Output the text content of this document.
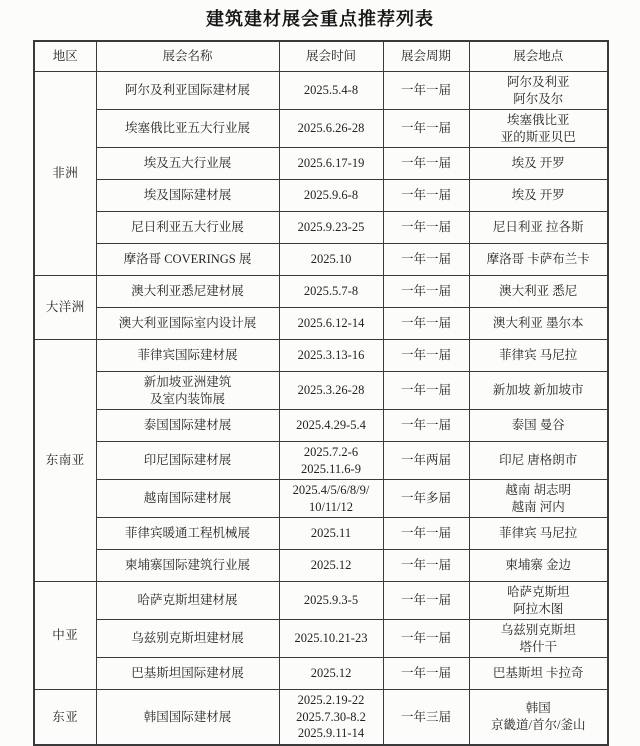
建筑建材展会重点推荐列表
地区	展会名称	展会时间	展会周期	展会地点
非洲	阿尔及利亚国际建材展	2025.5.4-8	一年一届	阿尔及利亚
阿尔及尔
	埃塞俄比亚五大行业展	2025.6.26-28	一年一届	埃塞俄比亚
亚的斯亚贝巴
	埃及五大行业展	2025.6.17-19	一年一届	埃及 开罗
	埃及国际建材展	2025.9.6-8	一年一届	埃及 开罗
	尼日利亚五大行业展	2025.9.23-25	一年一届	尼日利亚 拉各斯
	摩洛哥 COVERINGS 展	2025.10	一年一届	摩洛哥 卡萨布兰卡
大洋洲	澳大利亚悉尼建材展	2025.5.7-8	一年一届	澳大利亚 悉尼
	澳大利亚国际室内设计展	2025.6.12-14	一年一届	澳大利亚 墨尔本
东南亚	菲律宾国际建材展	2025.3.13-16	一年一届	菲律宾 马尼拉
	新加坡亚洲建筑
及室内装饰展	2025.3.26-28	一年一届	新加坡 新加坡市
	泰国国际建材展	2025.4.29-5.4	一年一届	泰国 曼谷
	印尼国际建材展	2025.7.2-6
2025.11.6-9	一年两届	印尼 唐格朗市
	越南国际建材展	2025.4/5/6/8/9/
10/11/12	一年多届	越南 胡志明
越南 河内
	菲律宾暖通工程机械展	2025.11	一年一届	菲律宾 马尼拉
	柬埔寨国际建筑行业展	2025.12	一年一届	柬埔寨 金边
中亚	哈萨克斯坦建材展	2025.9.3-5	一年一届	哈萨克斯坦
阿拉木图
	乌兹别克斯坦建材展	2025.10.21-23	一年一届	乌兹别克斯坦
塔什干
	巴基斯坦国际建材展	2025.12	一年一届	巴基斯坦 卡拉奇
东亚	韩国国际建材展	2025.2.19-22
2025.7.30-8.2
2025.9.11-14	一年三届	韩国
京畿道/首尔/釜山
